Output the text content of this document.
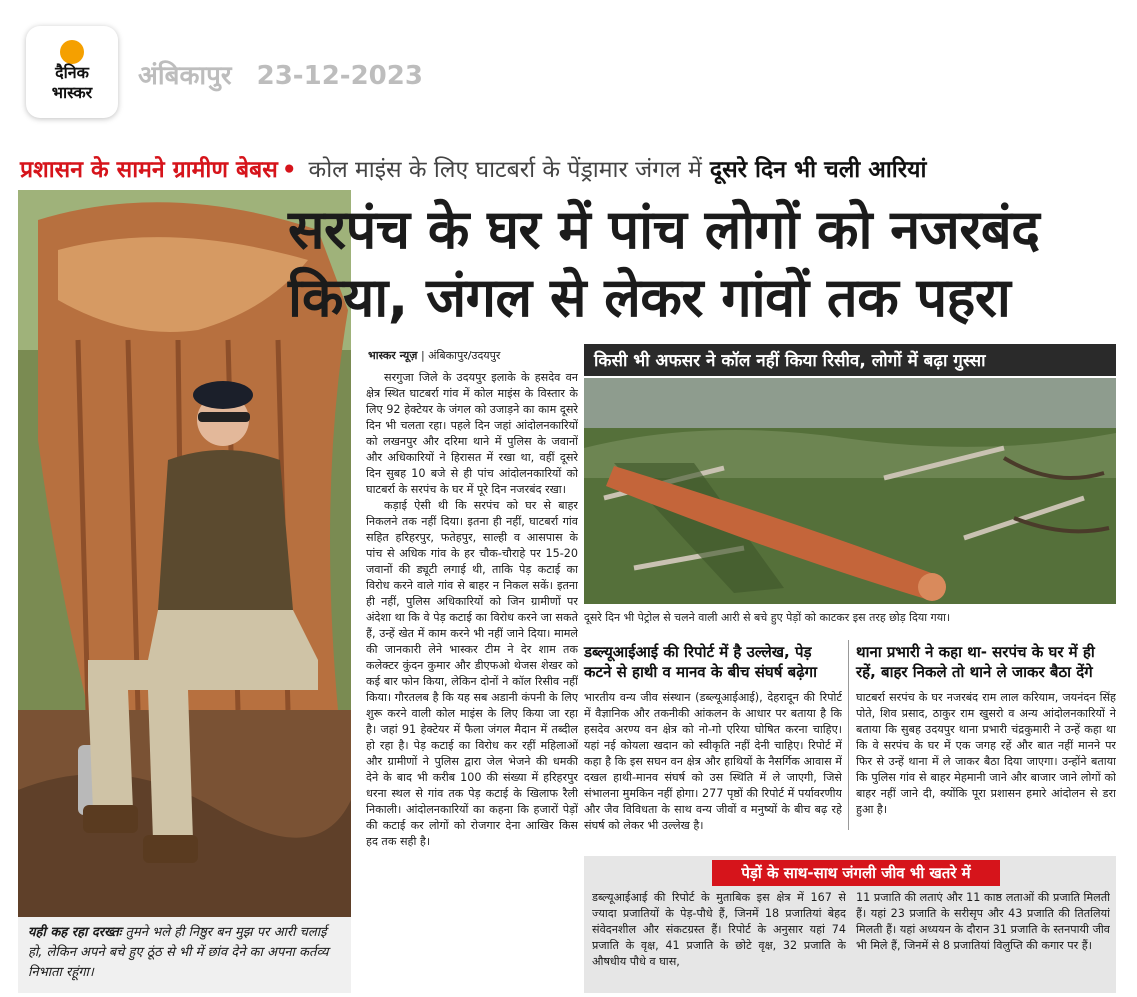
दैनिक
भास्कर
अंबिकापुर 23-12-2023
प्रशासन के सामने ग्रामीण बेबस • कोल माइंस के लिए घाटबर्रा के पेंड्रामार जंगल में दूसरे दिन भी चली आरियां
यही कह रहा दरख्तः तुमने भले ही निष्ठुर बन मुझ पर आरी चलाई हो, लेकिन अपने बचे हुए ठूंठ से भी में छांव देने का अपना कर्तव्य निभाता रहूंगा।
सरपंच के घर में पांच लोगों को नजरबंद किया, जंगल से लेकर गांवों तक पहरा
भास्कर न्यूज़ | अंबिकापुर/उदयपुर

सरगुजा जिले के उदयपुर इलाके के हसदेव वन क्षेत्र स्थित घाटबर्रा गांव में कोल माइंस के विस्तार के लिए 92 हेक्टेयर के जंगल को उजाड़ने का काम दूसरे दिन भी चलता रहा। पहले दिन जहां आंदोलनकारियों को लखनपुर और दरिमा थाने में पुलिस के जवानों और अधिकारियों ने हिरासत में रखा था, वहीं दूसरे दिन सुबह 10 बजे से ही पांच आंदोलनकारियों को घाटबर्रा के सरपंच के घर में पूरे दिन नजरबंद रखा।

कड़ाई ऐसी थी कि सरपंच को घर से बाहर निकलने तक नहीं दिया। इतना ही नहीं, घाटबर्रा गांव सहित हरिहरपुर, फतेहपुर, साल्ही व आसपास के पांच से अधिक गांव के हर चौक-चौराहे पर 15-20 जवानों की ड्यूटी लगाई थी, ताकि पेड़ कटाई का विरोध करने वाले गांव से बाहर न निकल सकें। इतना ही नहीं, पुलिस अधिकारियों को जिन ग्रामीणों पर अंदेशा था कि वे पेड़ कटाई का विरोध करने जा सकते हैं, उन्हें खेत में काम करने भी नहीं जाने दिया। मामले की जानकारी लेने भास्कर टीम ने देर शाम तक कलेक्टर कुंदन कुमार और डीएफओ थेजस शेखर को कई बार फोन किया, लेकिन दोनों ने कॉल रिसीव नहीं किया। गौरतलब है कि यह सब अडानी कंपनी के लिए शुरू करने वाली कोल माइंस के लिए किया जा रहा है। जहां 91 हेक्टेयर में फैला जंगल मैदान में तब्दील हो रहा है। पेड़ कटाई का विरोध कर रहीं महिलाओं और ग्रामीणों ने पुलिस द्वारा जेल भेजने की धमकी देने के बाद भी करीब 100 की संख्या में हरिहरपुर धरना स्थल से गांव तक पेड़ कटाई के खिलाफ रैली निकाली। आंदोलनकारियों का कहना कि हजारों पेड़ों की कटाई कर लोगों को रोजगार देना आखिर किस हद तक सही है।

किसी भी अफसर ने कॉल नहीं किया रिसीव, लोगों में बढ़ा गुस्सा
दूसरे दिन भी पेट्रोल से चलने वाली आरी से बचे हुए पेड़ों को काटकर इस तरह छोड़ दिया गया।
डब्ल्यूआईआई की रिपोर्ट में है उल्लेख, पेड़ कटने से हाथी व मानव के बीच संघर्ष बढ़ेगा
भारतीय वन्य जीव संस्थान (डब्ल्यूआईआई), देहरादून की रिपोर्ट में वैज्ञानिक और तकनीकी आंकलन के आधार पर बताया है कि हसदेव अरण्य वन क्षेत्र को नो-गो एरिया घोषित करना चाहिए। यहां नई कोयला खदान को स्वीकृति नहीं देनी चाहिए। रिपोर्ट में कहा है कि इस सघन वन क्षेत्र और हाथियों के नैसर्गिक आवास में दखल हाथी-मानव संघर्ष को उस स्थिति में ले जाएगी, जिसे संभालना मुमकिन नहीं होगा। 277 पृष्ठों की रिपोर्ट में पर्यावरणीय और जैव विविधता के साथ वन्य जीवों व मनुष्यों के बीच बढ़ रहे संघर्ष को लेकर भी उल्लेख है।
थाना प्रभारी ने कहा था- सरपंच के घर में ही रहें, बाहर निकले तो थाने ले जाकर बैठा देंगे
घाटबर्रा सरपंच के घर नजरबंद राम लाल करियाम, जयनंदन सिंह पोते, शिव प्रसाद, ठाकुर राम खुसरो व अन्य आंदोलनकारियों ने बताया कि सुबह उदयपुर थाना प्रभारी चंद्रकुमारी ने उन्हें कहा था कि वे सरपंच के घर में एक जगह रहें और बात नहीं मानने पर फिर से उन्हें थाना में ले जाकर बैठा दिया जाएगा। उन्होंने बताया कि पुलिस गांव से बाहर मेहमानी जाने और बाजार जाने लोगों को बाहर नहीं जाने दी, क्योंकि पूरा प्रशासन हमारे आंदोलन से डरा हुआ है।
पेड़ों के साथ-साथ जंगली जीव भी खतरे में
डब्ल्यूआईआई की रिपोर्ट के मुताबिक इस क्षेत्र में 167 से ज्यादा प्रजातियों के पेड़-पौधे हैं, जिनमें 18 प्रजातियां बेहद संवेदनशील और संकटग्रस्त हैं। रिपोर्ट के अनुसार यहां 74 प्रजाति के वृक्ष, 41 प्रजाति के छोटे वृक्ष, 32 प्रजाति के औषधीय पौधे व घास,
11 प्रजाति की लताएं और 11 काष्ठ लताओं की प्रजाति मिलती हैं। यहां 23 प्रजाति के सरीसृप और 43 प्रजाति की तितलियां मिलती हैं। यहां अध्ययन के दौरान 31 प्रजाति के स्तनपायी जीव भी मिले हैं, जिनमें से 8 प्रजातियां विलुप्ति की कगार पर हैं।
